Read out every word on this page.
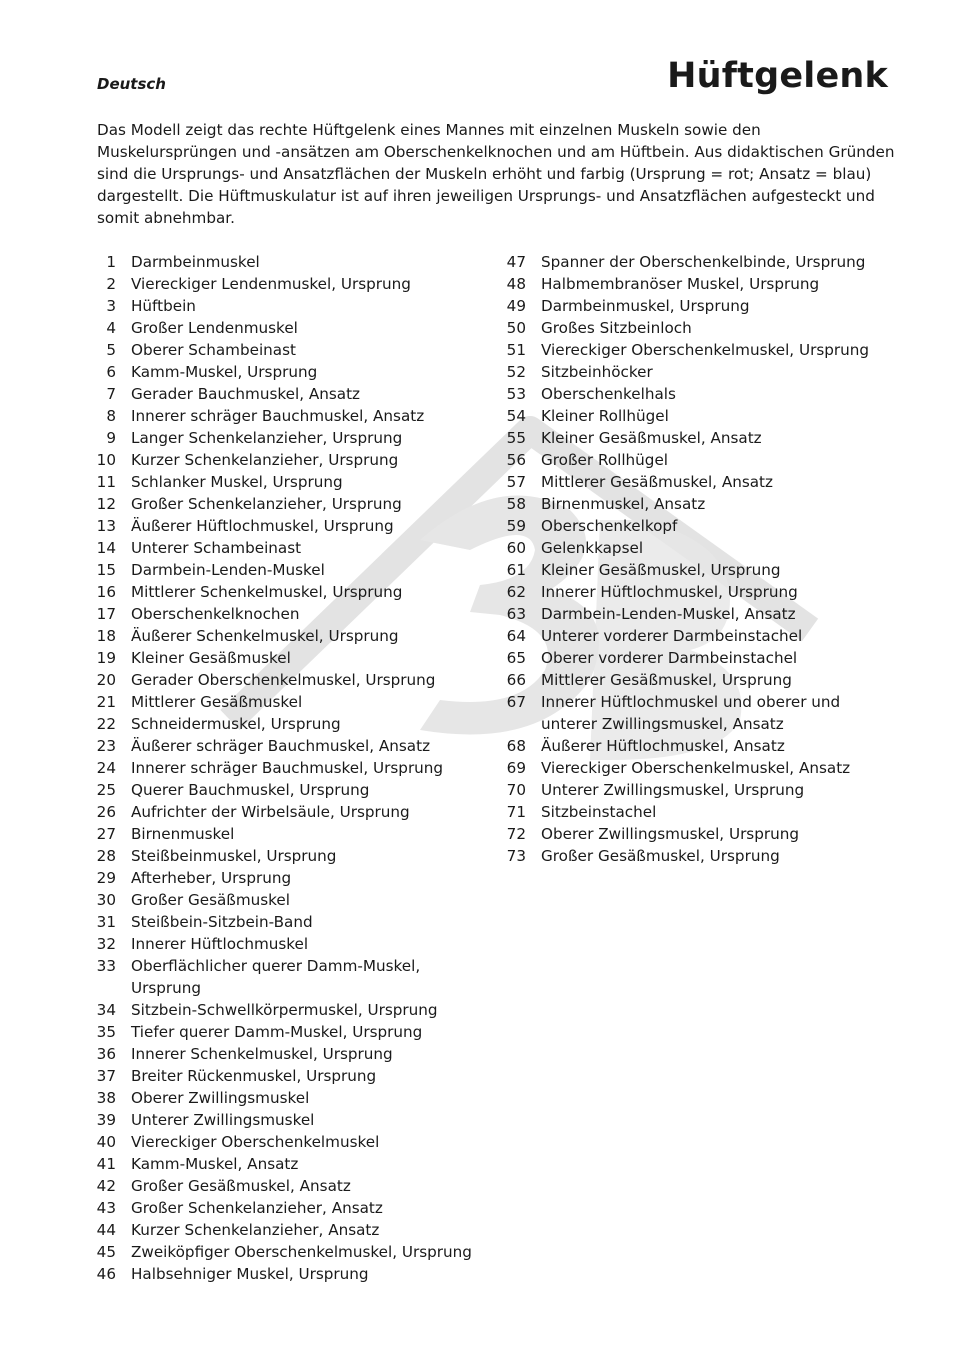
Deutsch	Hüftgelenk

Das Modell zeigt das rechte Hüftgelenk eines Mannes mit einzelnen Muskeln sowie den Muskelursprüngen und -ansätzen am Oberschenkelknochen und am Hüftbein. Aus didaktischen Gründen sind die Ursprungs- und Ansatzflächen der Muskeln erhöht und farbig (Ursprung = rot; Ansatz = blau) dargestellt. Die Hüftmuskulatur ist auf ihren jeweiligen Ursprungs- und Ansatzflächen aufgesteckt und somit abnehmbar.

1 Darmbeinmuskel
2 Viereckiger Lendenmuskel, Ursprung
3 Hüftbein
4 Großer Lendenmuskel
5 Oberer Schambeinast
6 Kamm-Muskel, Ursprung
7 Gerader Bauchmuskel, Ansatz
8 Innerer schräger Bauchmuskel, Ansatz
9 Langer Schenkelanzieher, Ursprung
10 Kurzer Schenkelanzieher, Ursprung
11 Schlanker Muskel, Ursprung
12 Großer Schenkelanzieher, Ursprung
13 Äußerer Hüftlochmuskel, Ursprung
14 Unterer Schambeinast
15 Darmbein-Lenden-Muskel
16 Mittlerer Schenkelmuskel, Ursprung
17 Oberschenkelknochen
18 Äußerer Schenkelmuskel, Ursprung
19 Kleiner Gesäßmuskel
20 Gerader Oberschenkelmuskel, Ursprung
21 Mittlerer Gesäßmuskel
22 Schneidermuskel, Ursprung
23 Äußerer schräger Bauchmuskel, Ansatz
24 Innerer schräger Bauchmuskel, Ursprung
25 Querer Bauchmuskel, Ursprung
26 Aufrichter der Wirbelsäule, Ursprung
27 Birnenmuskel
28 Steißbeinmuskel, Ursprung
29 Afterheber, Ursprung
30 Großer Gesäßmuskel
31 Steißbein-Sitzbein-Band
32 Innerer Hüftlochmuskel
33 Oberflächlicher querer Damm-Muskel, Ursprung
34 Sitzbein-Schwellkörpermuskel, Ursprung
35 Tiefer querer Damm-Muskel, Ursprung
36 Innerer Schenkelmuskel, Ursprung
37 Breiter Rückenmuskel, Ursprung
38 Oberer Zwillingsmuskel
39 Unterer Zwillingsmuskel
40 Viereckiger Oberschenkelmuskel
41 Kamm-Muskel, Ansatz
42 Großer Gesäßmuskel, Ansatz
43 Großer Schenkelanzieher, Ansatz
44 Kurzer Schenkelanzieher, Ansatz
45 Zweiköpfiger Oberschenkelmuskel, Ursprung
46 Halbsehniger Muskel, Ursprung
47 Spanner der Oberschenkelbinde, Ursprung
48 Halbmembranöser Muskel, Ursprung
49 Darmbeinmuskel, Ursprung
50 Großes Sitzbeinloch
51 Viereckiger Oberschenkelmuskel, Ursprung
52 Sitzbeinhöcker
53 Oberschenkelhals
54 Kleiner Rollhügel
55 Kleiner Gesäßmuskel, Ansatz
56 Großer Rollhügel
57 Mittlerer Gesäßmuskel, Ansatz
58 Birnenmuskel, Ansatz
59 Oberschenkelkopf
60 Gelenkkapsel
61 Kleiner Gesäßmuskel, Ursprung
62 Innerer Hüftlochmuskel, Ursprung
63 Darmbein-Lenden-Muskel, Ansatz
64 Unterer vorderer Darmbeinstachel
65 Oberer vorderer Darmbeinstachel
66 Mittlerer Gesäßmuskel, Ursprung
67 Innerer Hüftlochmuskel und oberer und unterer Zwillingsmuskel, Ansatz
68 Äußerer Hüftlochmuskel, Ansatz
69 Viereckiger Oberschenkelmuskel, Ansatz
70 Unterer Zwillingsmuskel, Ursprung
71 Sitzbeinstachel
72 Oberer Zwillingsmuskel, Ursprung
73 Großer Gesäßmuskel, Ursprung
